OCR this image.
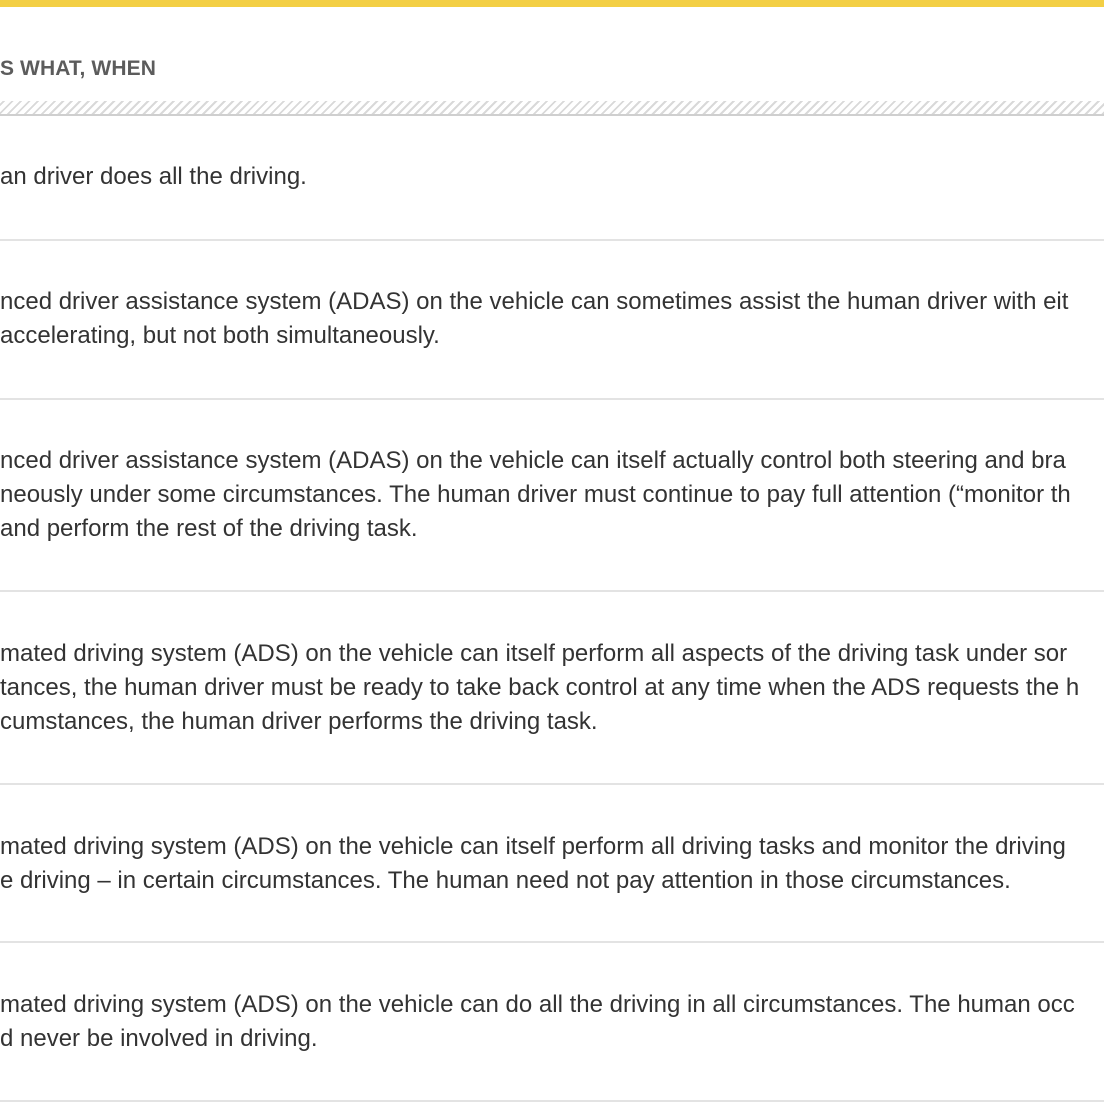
S WHAT, WHEN

an driver does all the driving.

nced driver assistance system (ADAS) on the vehicle can sometimes assist the human driver with eit
accelerating, but not both simultaneously.

nced driver assistance system (ADAS) on the vehicle can itself actually control both steering and bra
neously under some circumstances. The human driver must continue to pay full attention (“monitor th
and perform the rest of the driving task.

mated driving system (ADS) on the vehicle can itself perform all aspects of the driving task under sor
tances, the human driver must be ready to take back control at any time when the ADS requests the h
cumstances, the human driver performs the driving task.

mated driving system (ADS) on the vehicle can itself perform all driving tasks and monitor the driving
e driving – in certain circumstances. The human need not pay attention in those circumstances.

mated driving system (ADS) on the vehicle can do all the driving in all circumstances. The human occ
d never be involved in driving.
